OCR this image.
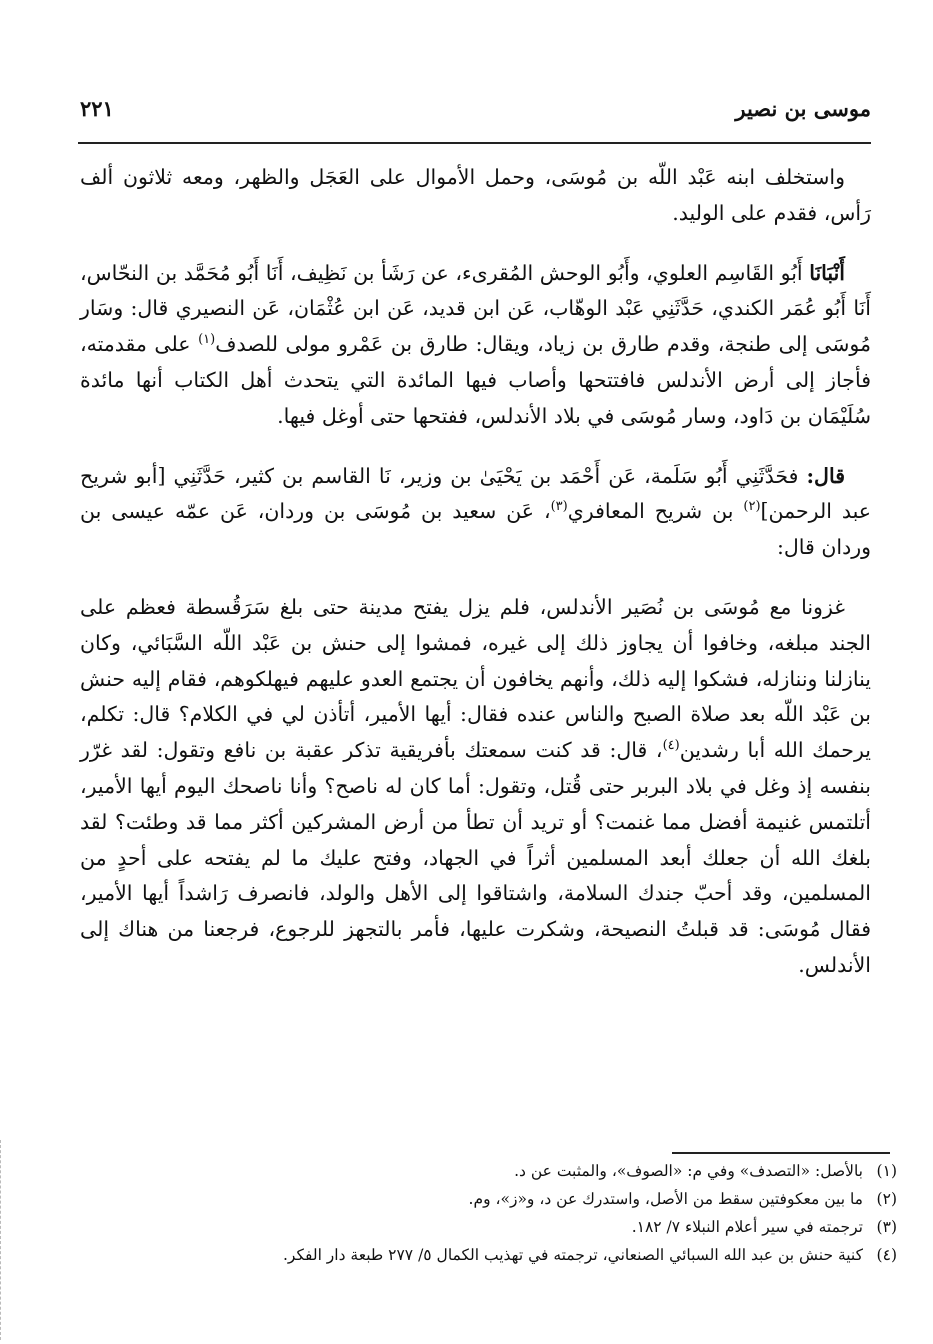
موسى بن نصير
٢٢١

واستخلف ابنه عَبْد اللّه بن مُوسَى، وحمل الأموال على العَجَل والظهر، ومعه ثلاثون ألف رَأس، فقدم على الوليد.

أَنْبَانَا أَبُو القَاسِم العلوي، وأَبُو الوحش المُقرىء، عن رَشَأ بن نَظِيف، أَنَا أَبُو مُحَمَّد بن النحّاس، أَنَا أَبُو عُمَر الكندي، حَدَّثَنِي عَبْد الوهّاب، عَن ابن قديد، عَن ابن عُثْمَان، عَن النصيري قال: وسَار مُوسَى إلى طنجة، وقدم طارق بن زياد، ويقال: طارق بن عَمْرو مولى للصدف$^{(١)}$ على مقدمته، فأجاز إلى أرض الأندلس فافتتحها وأصاب فيها المائدة التي يتحدث أهل الكتاب أنها مائدة سُلَيْمَان بن دَاود، وسار مُوسَى في بلاد الأندلس، ففتحها حتى أوغل فيها.

قال: فحَدَّثَنِي أَبُو سَلَمة، عَن أَحْمَد بن يَحْيَىٰ بن وزير، نَا القاسم بن كثير، حَدَّثَنِي [أبو شريح عبد الرحمن]$^{(٢)}$ بن شريح المعافري$^{(٣)}$، عَن سعيد بن مُوسَى بن وردان، عَن عمّه عيسى بن وردان قال:

غزونا مع مُوسَى بن نُصَير الأندلس، فلم يزل يفتح مدينة حتى بلغ سَرَقُسطة فعظم على الجند مبلغه، وخافوا أن يجاوز ذلك إلى غيره، فمشوا إلى حنش بن عَبْد اللّه السَّبَائي، وكان ينازلنا وننازله، فشكوا إليه ذلك، وأنهم يخافون أن يجتمع العدو عليهم فيهلكوهم، فقام إليه حنش بن عَبْد اللّه بعد صلاة الصبح والناس عنده فقال: أيها الأمير، أتأذن لي في الكلام؟ قال: تكلم، يرحمك الله أبا رشدين$^{(٤)}$، قال: قد كنت سمعتك بأفريقية تذكر عقبة بن نافع وتقول: لقد غرّر بنفسه إذ وغل في بلاد البربر حتى قُتل، وتقول: أما كان له ناصح؟ وأنا ناصحك اليوم أيها الأمير، أتلتمس غنيمة أفضل مما غنمت؟ أو تريد أن تطأ من أرض المشركين أكثر مما قد وطئت؟ لقد بلغك الله أن جعلك أبعد المسلمين أثراً في الجهاد، وفتح عليك ما لم يفتحه على أحدٍ من المسلمين، وقد أحبّ جندك السلامة، واشتاقوا إلى الأهل والولد، فانصرف رَاشداً أيها الأمير، فقال مُوسَى: قد قبلتُ النصيحة، وشكرت عليها، فأمر بالتجهز للرجوع، فرجعنا من هناك إلى الأندلس.

(١)
بالأصل: «التصدف» وفي م: «الصوف»، والمثبت عن د.
(٢)
ما بين معكوفتين سقط من الأصل، واستدرك عن د، و«ز»، وم.
(٣)
ترجمته في سير أعلام النبلاء ٧/ ١٨٢.
(٤)
كنية حنش بن عبد الله السبائي الصنعاني، ترجمته في تهذيب الكمال ٥/ ٢٧٧ طبعة دار الفكر.
